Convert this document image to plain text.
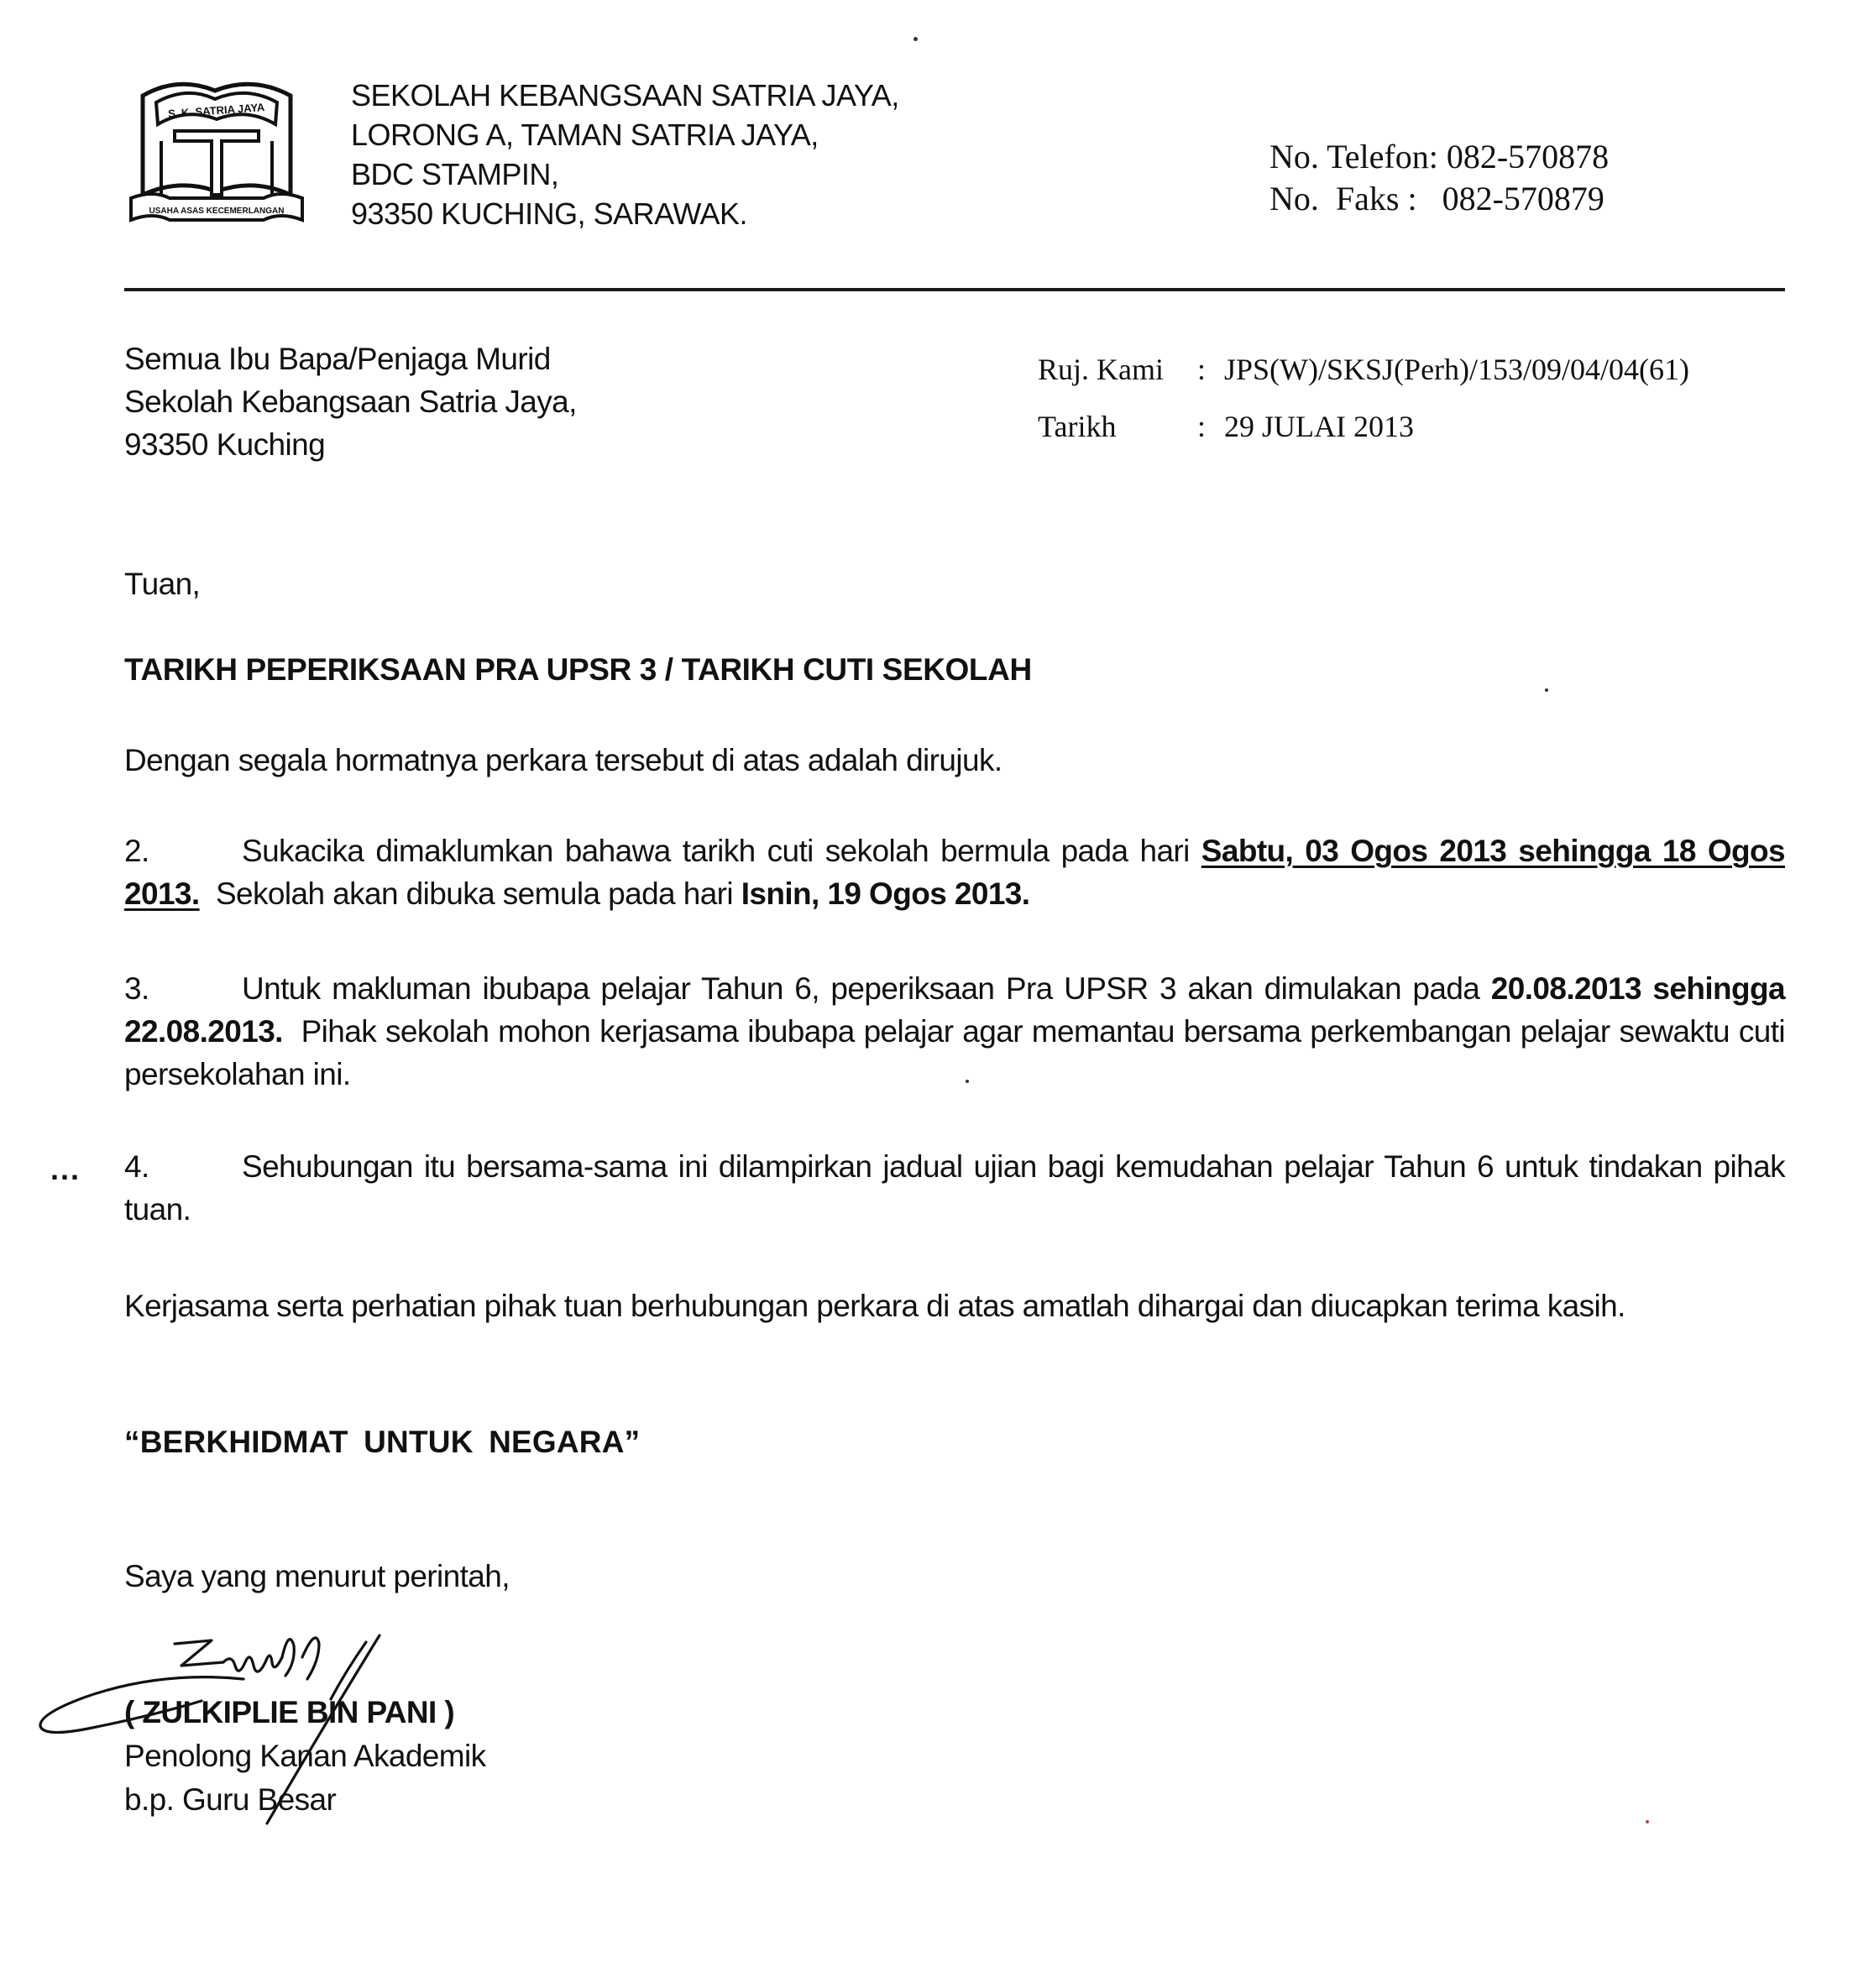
S. K. SATRIA JAYA
USAHA ASAS KECEMERLANGAN
SEKOLAH KEBANGSAAN SATRIA JAYA,
LORONG A, TAMAN SATRIA JAYA,
BDC STAMPIN,
93350 KUCHING, SARAWAK.
No. Telefon:
082-570878
No.  Faks :
082-570879
Semua Ibu Bapa/Penjaga Murid
Sekolah Kebangsaan Satria Jaya,
93350 Kuching
Ruj. Kami	: JPS(W)/SKSJ(Perh)/153/09/04/04(61)
Tarikh	: 29 JULAI 2013
Tuan,
TARIKH PEPERIKSAAN PRA UPSR 3 / TARIKH CUTI SEKOLAH
Dengan segala hormatnya perkara tersebut di atas adalah dirujuk.
2.	Sukacika dimaklumkan bahawa tarikh cuti sekolah bermula pada hari Sabtu, 03 Ogos 2013 sehingga 18 Ogos 2013.  Sekolah akan dibuka semula pada hari Isnin, 19 Ogos 2013.
3.	Untuk makluman ibubapa pelajar Tahun 6, peperiksaan Pra UPSR 3 akan dimulakan pada 20.08.2013 sehingga 22.08.2013.  Pihak sekolah mohon kerjasama ibubapa pelajar agar memantau bersama perkembangan pelajar sewaktu cuti persekolahan ini.
... 4.	Sehubungan itu bersama-sama ini dilampirkan jadual ujian bagi kemudahan pelajar Tahun 6 untuk tindakan pihak tuan.
Kerjasama serta perhatian pihak tuan berhubungan perkara di atas amatlah dihargai dan diucapkan terima kasih.
“BERKHIDMAT UNTUK NEGARA”
Saya yang menurut perintah,
( ZULKIPLIE BIN PANI )
Penolong Kanan Akademik
b.p. Guru Besar
